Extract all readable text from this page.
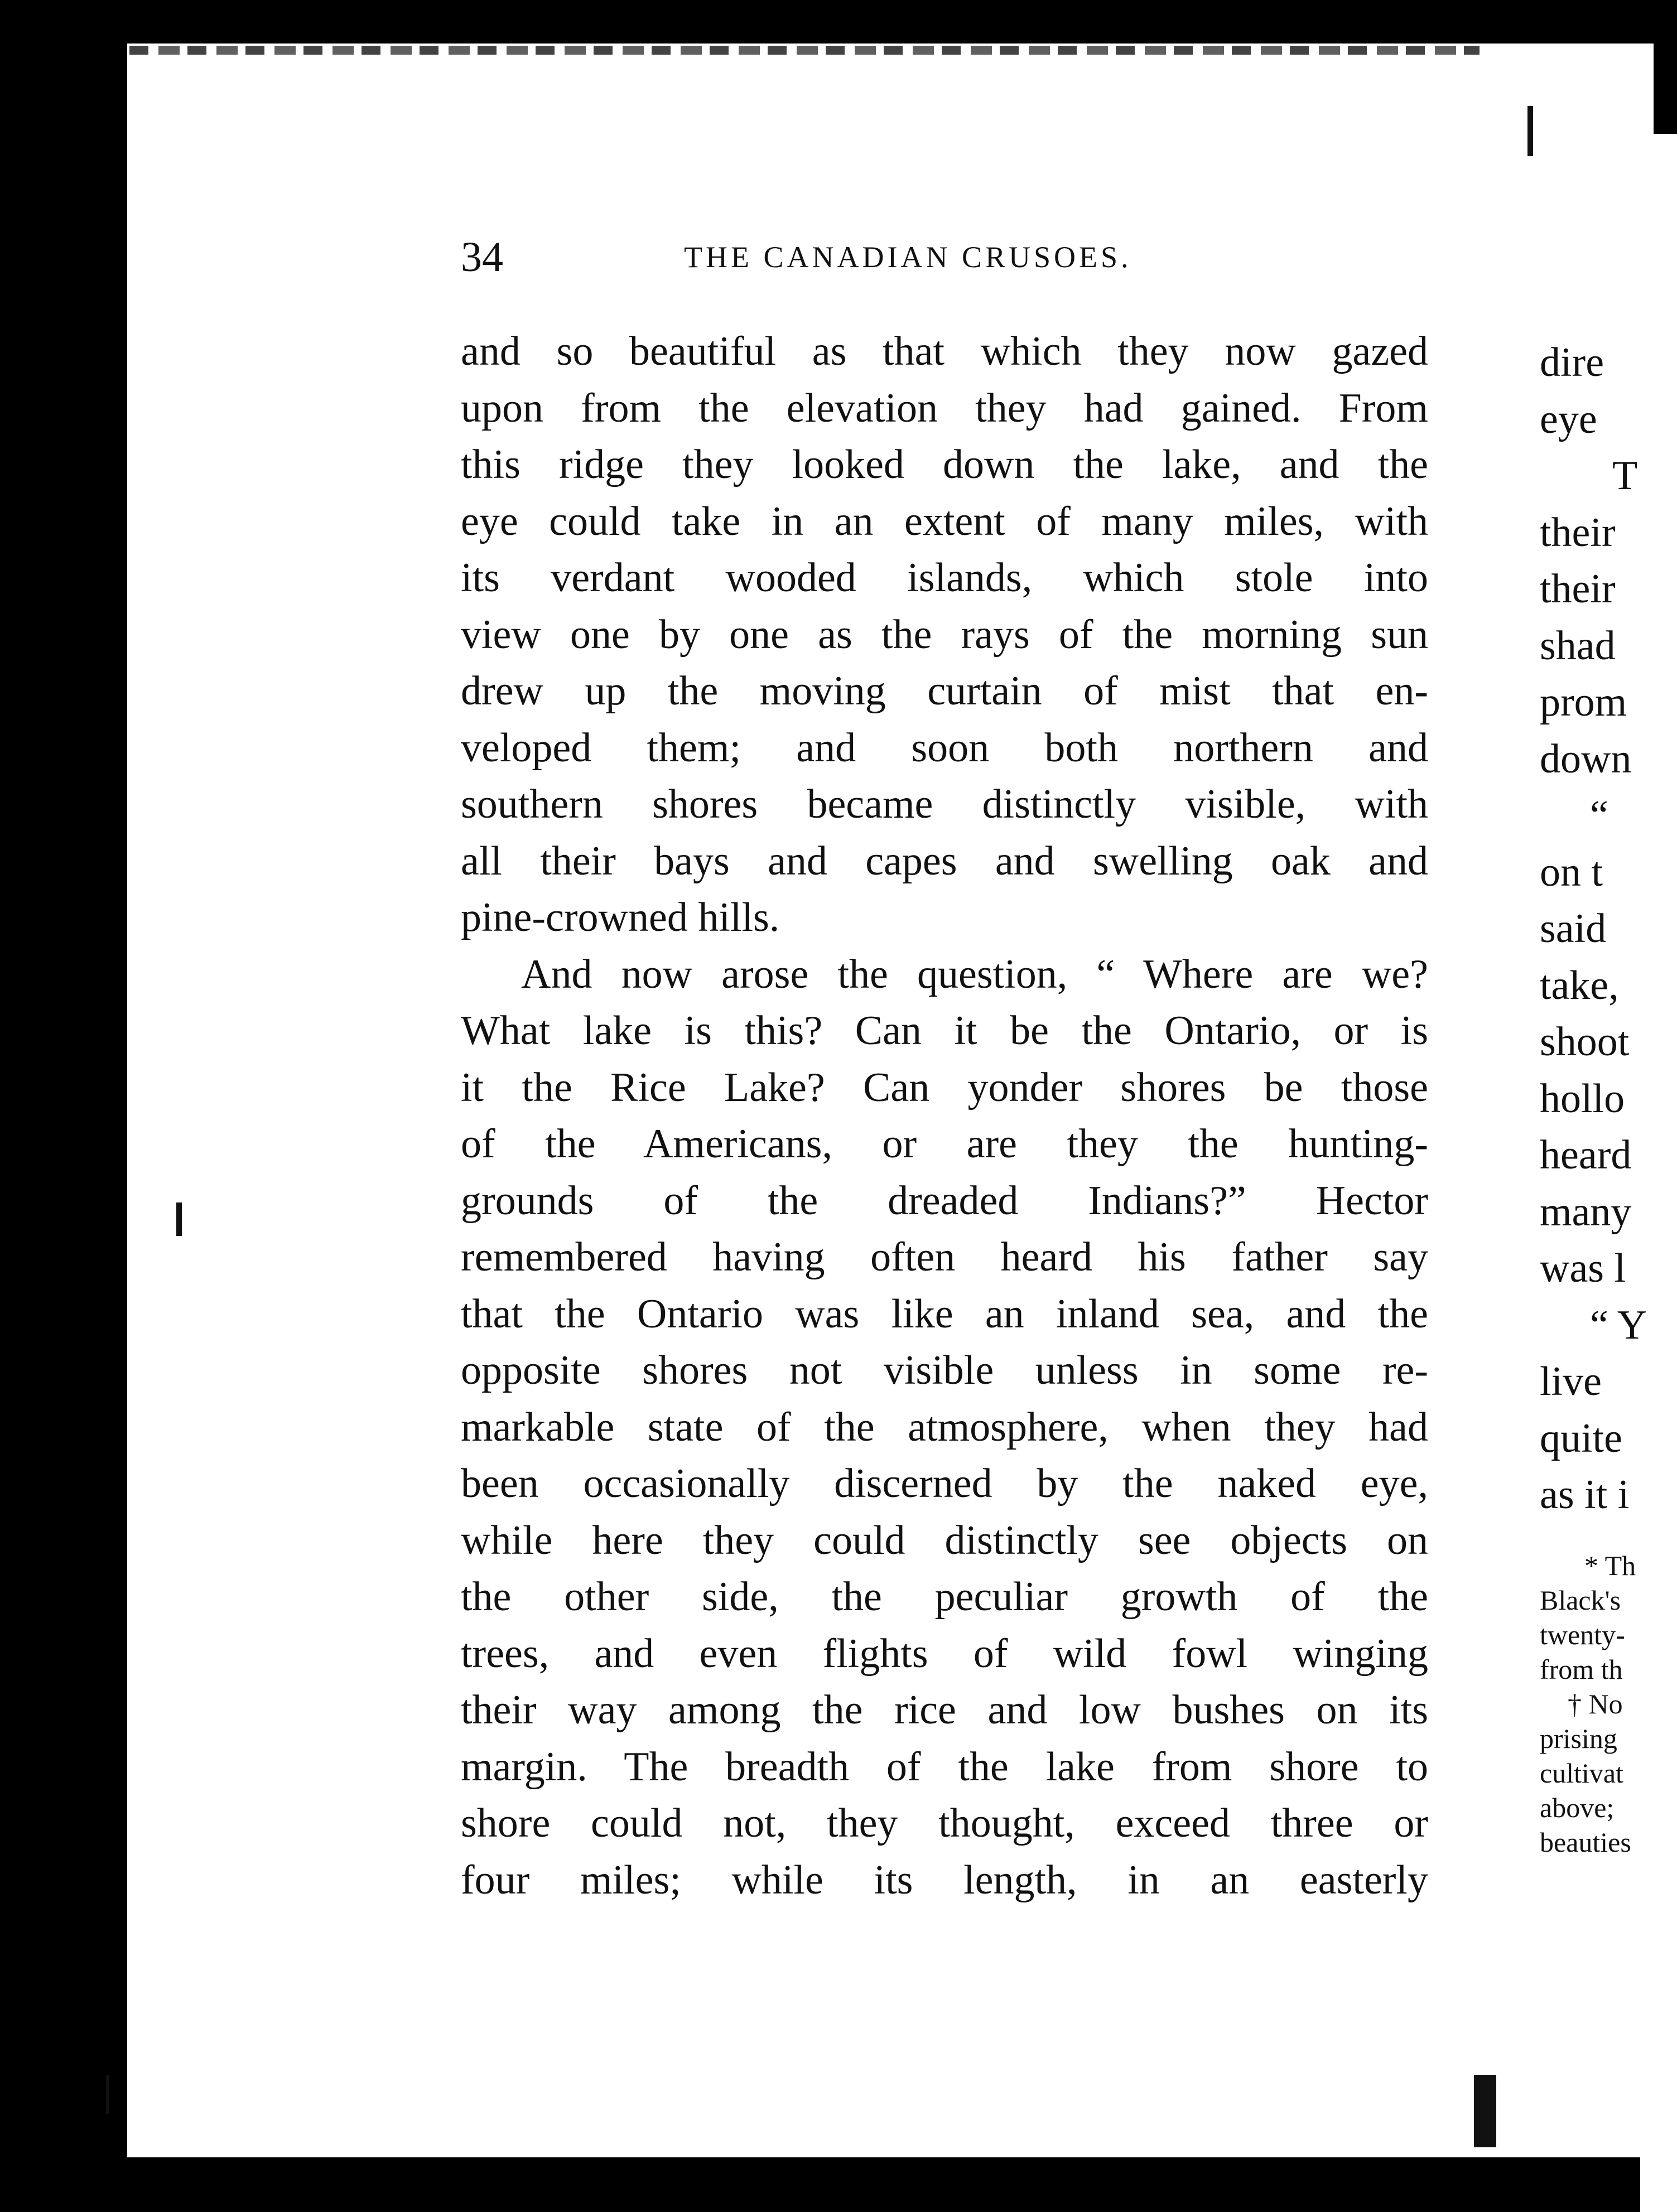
34	THE CANADIAN CRUSOES.
and so beautiful as that which they now gazed
upon from the elevation they had gained. From
this ridge they looked down the lake, and the
eye could take in an extent of many miles, with
its verdant wooded islands, which stole into
view one by one as the rays of the morning sun
drew up the moving curtain of mist that en-
veloped them; and soon both northern and
southern shores became distinctly visible, with
all their bays and capes and swelling oak and
pine-crowned hills.
And now arose the question, “ Where are we?
What lake is this? Can it be the Ontario, or is
it the Rice Lake? Can yonder shores be those
of the Americans, or are they the hunting-
grounds of the dreaded Indians?” Hector
remembered having often heard his father say
that the Ontario was like an inland sea, and the
opposite shores not visible unless in some re-
markable state of the atmosphere, when they had
been occasionally discerned by the naked eye,
while here they could distinctly see objects on
the other side, the peculiar growth of the
trees, and even flights of wild fowl winging
their way among the rice and low bushes on its
margin. The breadth of the lake from shore to
shore could not, they thought, exceed three or
four miles; while its length, in an easterly
dire
eye
T
their
their
shad
prom
down
“
on t
said
take,
shoot
hollo
heard
many
was l
“ Y
live
quite
as it i
* Th
Black's
twenty-
from th
† No
prising
cultivat
above;
beauties
